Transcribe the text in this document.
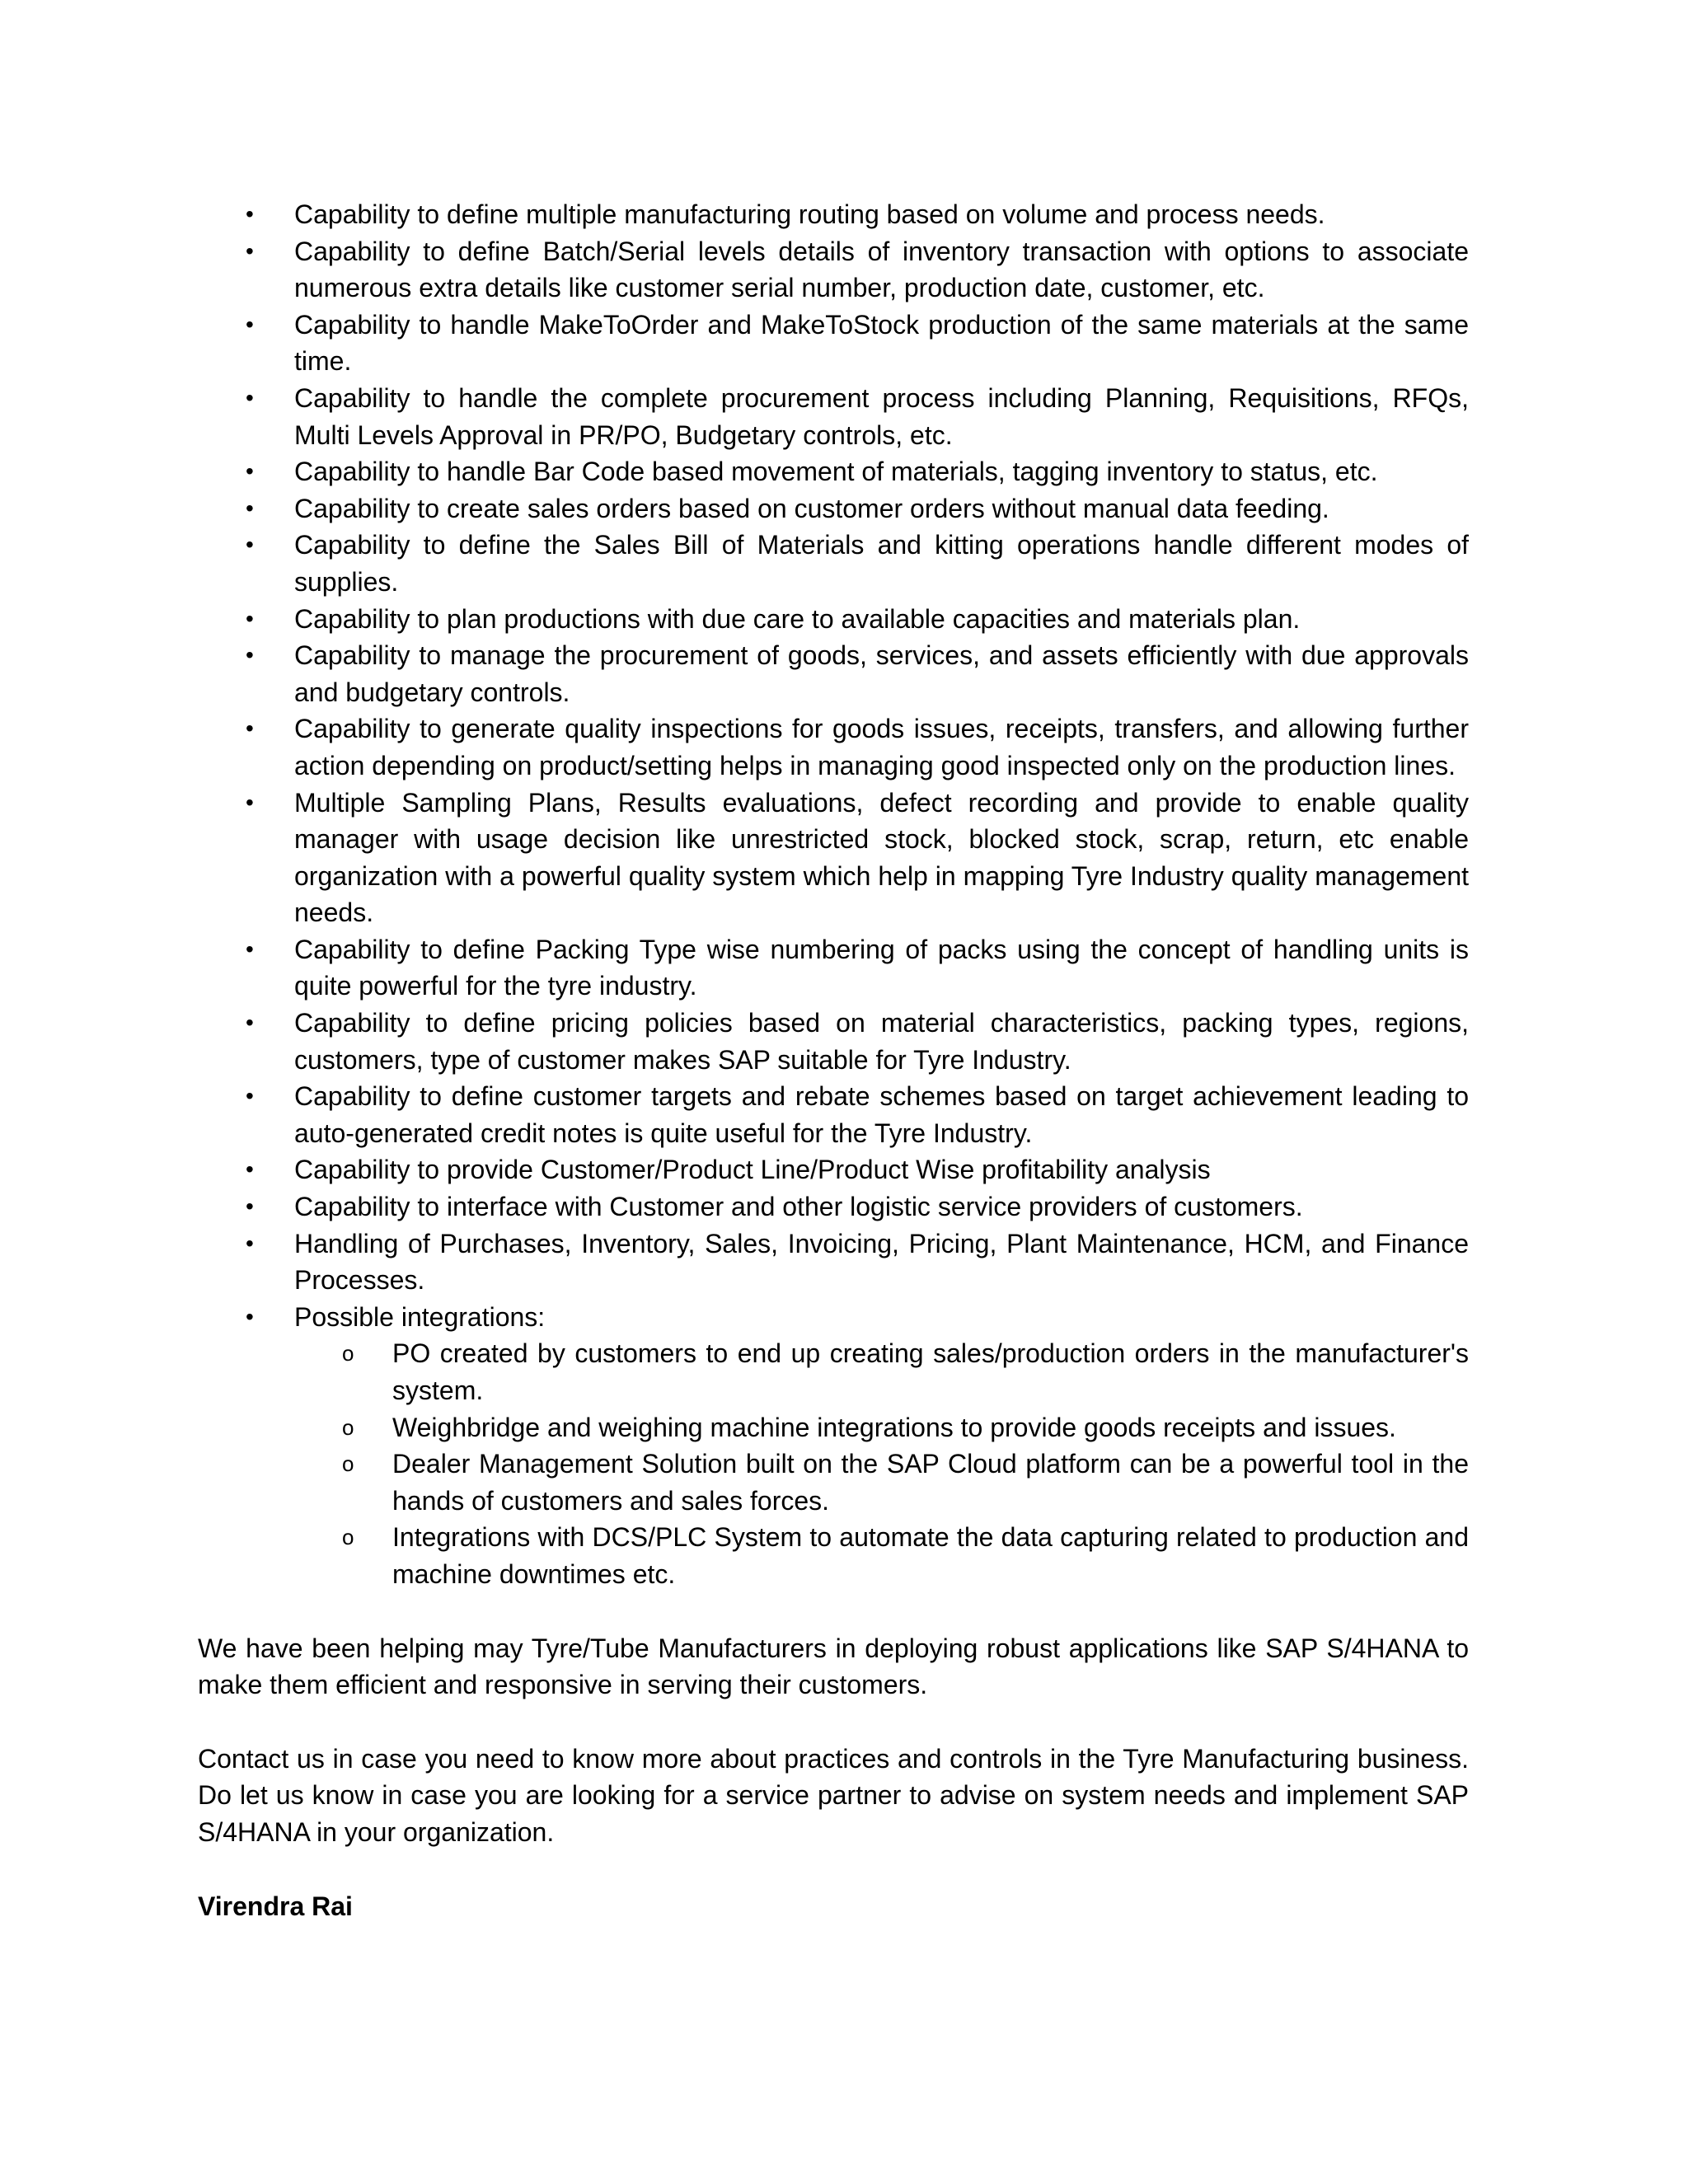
• Capability to define multiple manufacturing routing based on volume and process needs.
• Capability to define Batch/Serial levels details of inventory transaction with options to associate numerous extra details like customer serial number, production date, customer, etc.
• Capability to handle MakeToOrder and MakeToStock production of the same materials at the same time.
• Capability to handle the complete procurement process including Planning, Requisitions, RFQs, Multi Levels Approval in PR/PO, Budgetary controls, etc.
• Capability to handle Bar Code based movement of materials, tagging inventory to status, etc.
• Capability to create sales orders based on customer orders without manual data feeding.
• Capability to define the Sales Bill of Materials and kitting operations handle different modes of supplies.
• Capability to plan productions with due care to available capacities and materials plan.
• Capability to manage the procurement of goods, services, and assets efficiently with due approvals and budgetary controls.
• Capability to generate quality inspections for goods issues, receipts, transfers, and allowing further action depending on product/setting helps in managing good inspected only on the production lines.
• Multiple Sampling Plans, Results evaluations, defect recording and provide to enable quality manager with usage decision like unrestricted stock, blocked stock, scrap, return, etc enable organization with a powerful quality system which help in mapping Tyre Industry quality management needs.
• Capability to define Packing Type wise numbering of packs using the concept of handling units is quite powerful for the tyre industry.
• Capability to define pricing policies based on material characteristics, packing types, regions, customers, type of customer makes SAP suitable for Tyre Industry.
• Capability to define customer targets and rebate schemes based on target achievement leading to auto-generated credit notes is quite useful for the Tyre Industry.
• Capability to provide Customer/Product Line/Product Wise profitability analysis
• Capability to interface with Customer and other logistic service providers of customers.
• Handling of Purchases, Inventory, Sales, Invoicing, Pricing, Plant Maintenance, HCM, and Finance Processes.
• Possible integrations:
o PO created by customers to end up creating sales/production orders in the manufacturer's system.
o Weighbridge and weighing machine integrations to provide goods receipts and issues.
o Dealer Management Solution built on the SAP Cloud platform can be a powerful tool in the hands of customers and sales forces.
o Integrations with DCS/PLC System to automate the data capturing related to production and machine downtimes etc.

We have been helping may Tyre/Tube Manufacturers in deploying robust applications like SAP S/4HANA to make them efficient and responsive in serving their customers.

Contact us in case you need to know more about practices and controls in the Tyre Manufacturing business. Do let us know in case you are looking for a service partner to advise on system needs and implement SAP S/4HANA in your organization.

Virendra Rai
